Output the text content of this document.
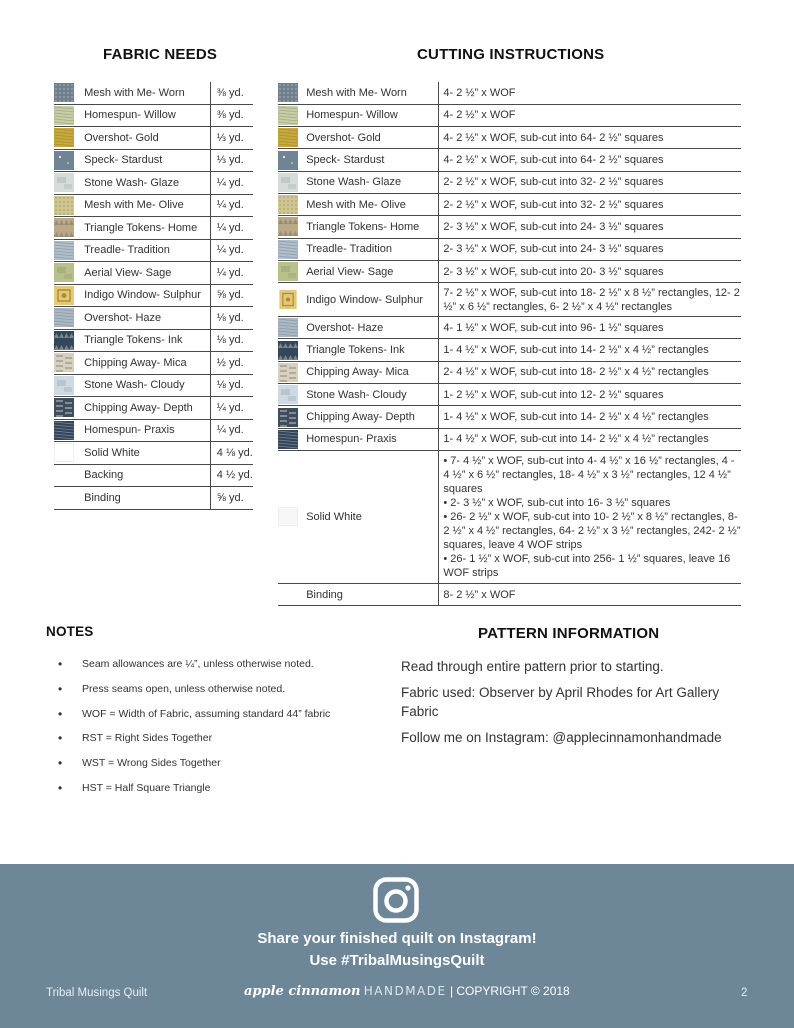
FABRIC NEEDS	CUTTING INSTRUCTIONS
	Mesh with Me- Worn	⅜ yd.

	Homespun- Willow	⅜ yd.

	Overshot- Gold	⅓ yd.

	Speck- Stardust	⅓ yd.

	Stone Wash- Glaze	¼ yd.

	Mesh with Me- Olive	¼ yd.

	Triangle Tokens- Home	¼ yd.

	Treadle- Tradition	¼ yd.

	Aerial View- Sage	¼ yd.

	Indigo Window- Sulphur	⅝ yd.

	Overshot- Haze	⅛ yd.

	Triangle Tokens- Ink	⅛ yd.

	Chipping Away- Mica	½ yd.

	Stone Wash- Cloudy	⅛ yd.

	Chipping Away- Depth	¼ yd.

	Homespun- Praxis	¼ yd.

	Solid White	4 ⅛ yd.
	Backing	4 ½ yd.
	Binding	⅝ yd.
	Mesh with Me- Worn	4- 2 ½” x WOF

	Homespun- Willow	4- 2 ½” x WOF

	Overshot- Gold	4- 2 ½” x WOF, sub-cut into 64- 2 ½” squares

	Speck- Stardust	4- 2 ½” x WOF, sub-cut into 64- 2 ½” squares

	Stone Wash- Glaze	2- 2 ½” x WOF, sub-cut into 32- 2 ½” squares

	Mesh with Me- Olive	2- 2 ½” x WOF, sub-cut into 32- 2 ½” squares

	Triangle Tokens- Home	2- 3 ½” x WOF, sub-cut into 24- 3 ½” squares

	Treadle- Tradition	2- 3 ½” x WOF, sub-cut into 24- 3 ½” squares

	Aerial View- Sage	2- 3 ½” x WOF, sub-cut into 20- 3 ½” squares

	Indigo Window- Sulphur	7- 2 ½” x WOF, sub-cut into 18- 2 ½” x 8 ½” rectangles, 12- 2 ½” x 6 ½” rectangles, 6- 2 ½” x 4 ½” rectangles

	Overshot- Haze	4- 1 ½” x WOF, sub-cut into 96- 1 ½” squares

	Triangle Tokens- Ink	1- 4 ½” x WOF, sub-cut into 14- 2 ½” x 4 ½” rectangles

	Chipping Away- Mica	2- 4 ½” x WOF, sub-cut into 18- 2 ½” x 4 ½” rectangles

	Stone Wash- Cloudy	1- 2 ½” x WOF, sub-cut into 12- 2 ½” squares

	Chipping Away- Depth	1- 4 ½” x WOF, sub-cut into 14- 2 ½” x 4 ½” rectangles

	Homespun- Praxis	1- 4 ½” x WOF, sub-cut into 14- 2 ½” x 4 ½” rectangles

	Solid White	• 7- 4 ½” x WOF, sub-cut into 4- 4 ½” x 16 ½” rectangles, 4 - 4 ½” x 6 ½” rectangles, 18- 4 ½” x 3 ½” rectangles, 12 4 ½” squares
• 2- 3 ½” x WOF, sub-cut into 16- 3 ½” squares
• 26- 2 ½” x WOF, sub-cut into 10- 2 ½” x 8 ½” rectangles, 8- 2 ½” x 4 ½” rectangles, 64- 2 ½” x 3 ½” rectangles, 242- 2 ½” squares, leave 4 WOF strips
• 26- 1 ½” x WOF, sub-cut into 256- 1 ½” squares, leave 16 WOF strips

	Binding	8- 2 ½” x WOF
NOTES
• Seam allowances are ¼”, unless otherwise noted.
• Press seams open, unless otherwise noted.
• WOF = Width of Fabric, assuming standard 44” fabric
• RST = Right Sides Together
• WST = Wrong Sides Together
• HST = Half Square Triangle
PATTERN INFORMATION

Read through entire pattern prior to starting.

Fabric used: Observer by April Rhodes for Art Gallery Fabric

Follow me on Instagram: @applecinnamonhandmade

Share your finished quilt on Instagram!

Use #TribalMusingsQuilt

Tribal Musings Quilt	apple cinnamon HANDMADE | COPYRIGHT © 2018	2
